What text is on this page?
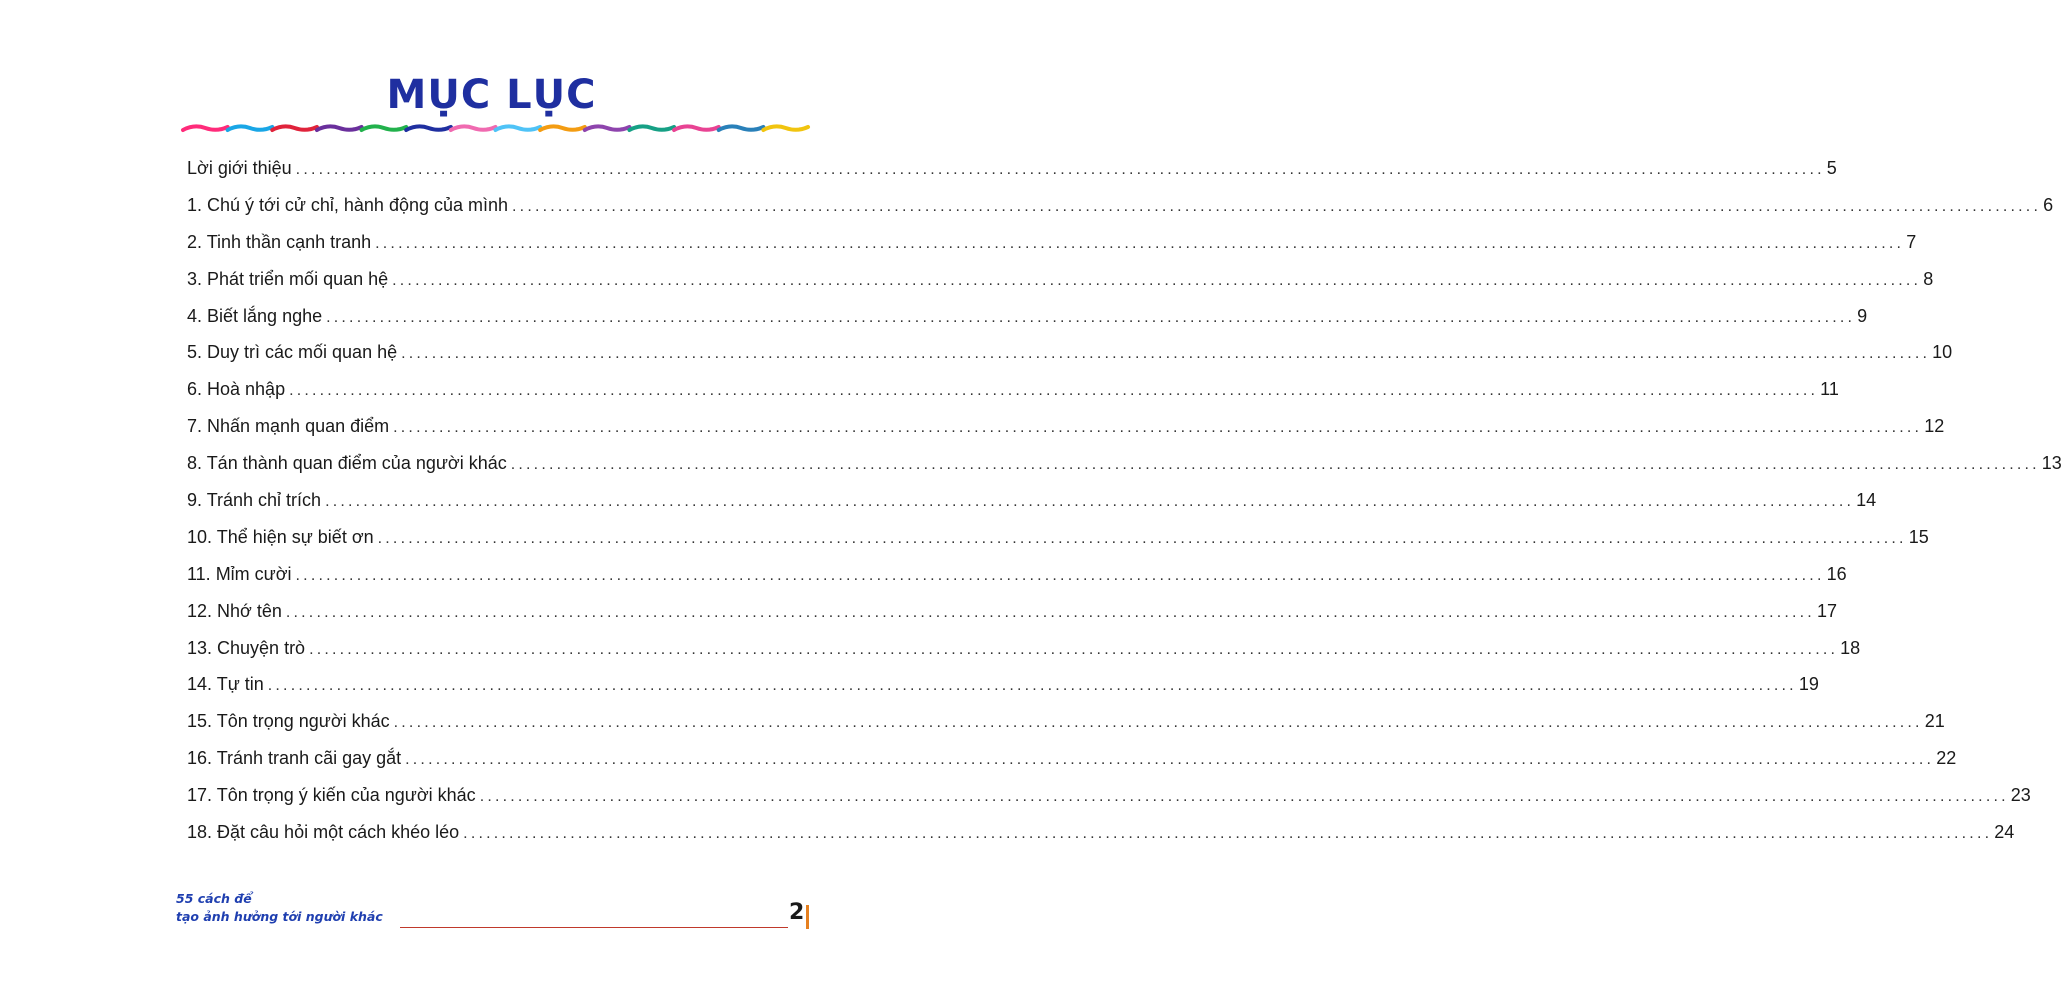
MỤC LỤC
Lời giới thiệu ........................................................................................................................................................................................................ 5
1. Chú ý tới cử chỉ, hành động của mình ........................................................................................................................................................................................................ 6
2. Tinh thần cạnh tranh ........................................................................................................................................................................................................ 7
3. Phát triển mối quan hệ ........................................................................................................................................................................................................ 8
4. Biết lắng nghe ........................................................................................................................................................................................................ 9
5. Duy trì các mối quan hệ ........................................................................................................................................................................................................ 10
6. Hoà nhập ........................................................................................................................................................................................................ 11
7. Nhấn mạnh quan điểm ........................................................................................................................................................................................................ 12
8. Tán thành quan điểm của người khác ........................................................................................................................................................................................................ 13
9. Tránh chỉ trích ........................................................................................................................................................................................................ 14
10. Thể hiện sự biết ơn ........................................................................................................................................................................................................ 15
11. Mỉm cười ........................................................................................................................................................................................................ 16
12. Nhớ tên ........................................................................................................................................................................................................ 17
13. Chuyện trò ........................................................................................................................................................................................................ 18
14. Tự tin ........................................................................................................................................................................................................ 19
15. Tôn trọng người khác ........................................................................................................................................................................................................ 21
16. Tránh tranh cãi gay gắt ........................................................................................................................................................................................................ 22
17. Tôn trọng ý kiến của người khác ........................................................................................................................................................................................................ 23
18. Đặt câu hỏi một cách khéo léo ........................................................................................................................................................................................................ 24
55 cách để
tạo ảnh hưởng tới người khác	2
